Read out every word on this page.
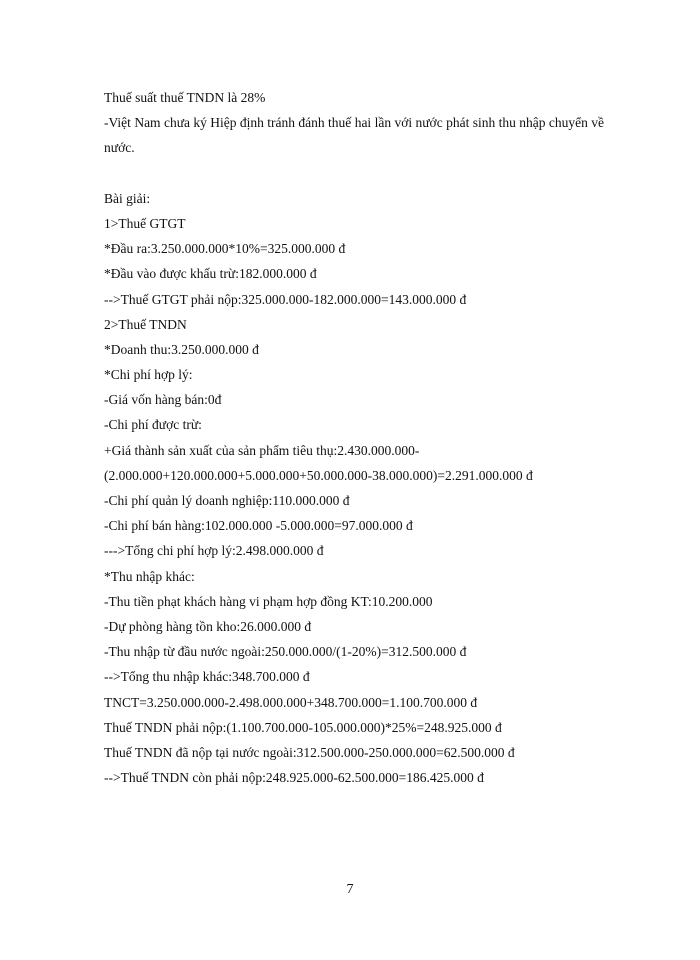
Thuế suất thuế TNDN là 28%
-Việt Nam chưa ký Hiệp định tránh đánh thuế hai lần với nước phát sinh thu nhập chuyển về nước.
Bài giải:
1>Thuế GTGT
*Đầu ra:3.250.000.000*10%=325.000.000 đ
*Đầu vào được khấu trừ:182.000.000 đ
-->Thuế GTGT phải nộp:325.000.000-182.000.000=143.000.000 đ
2>Thuế TNDN
*Doanh thu:3.250.000.000 đ
*Chi phí hợp lý:
-Giá vốn hàng bán:0đ
-Chi phí được trừ:
+Giá thành sản xuất của sản phẩm tiêu thụ:2.430.000.000-
(2.000.000+120.000.000+5.000.000+50.000.000-38.000.000)=2.291.000.000 đ
-Chi phí quản lý doanh nghiệp:110.000.000 đ
-Chi phí bán hàng:102.000.000 -5.000.000=97.000.000 đ
--->Tổng chi phí hợp lý:2.498.000.000 đ
*Thu nhập khác:
-Thu tiền phạt khách hàng vi phạm hợp đồng KT:10.200.000
-Dự phòng hàng tồn kho:26.000.000 đ
-Thu nhập từ đầu nước ngoài:250.000.000/(1-20%)=312.500.000 đ
-->Tổng thu nhập khác:348.700.000 đ
TNCT=3.250.000.000-2.498.000.000+348.700.000=1.100.700.000 đ
Thuế TNDN phải nộp:(1.100.700.000-105.000.000)*25%=248.925.000 đ
Thuế TNDN đã nộp tại nước ngoài:312.500.000-250.000.000=62.500.000 đ
-->Thuế TNDN còn phải nộp:248.925.000-62.500.000=186.425.000 đ
7
